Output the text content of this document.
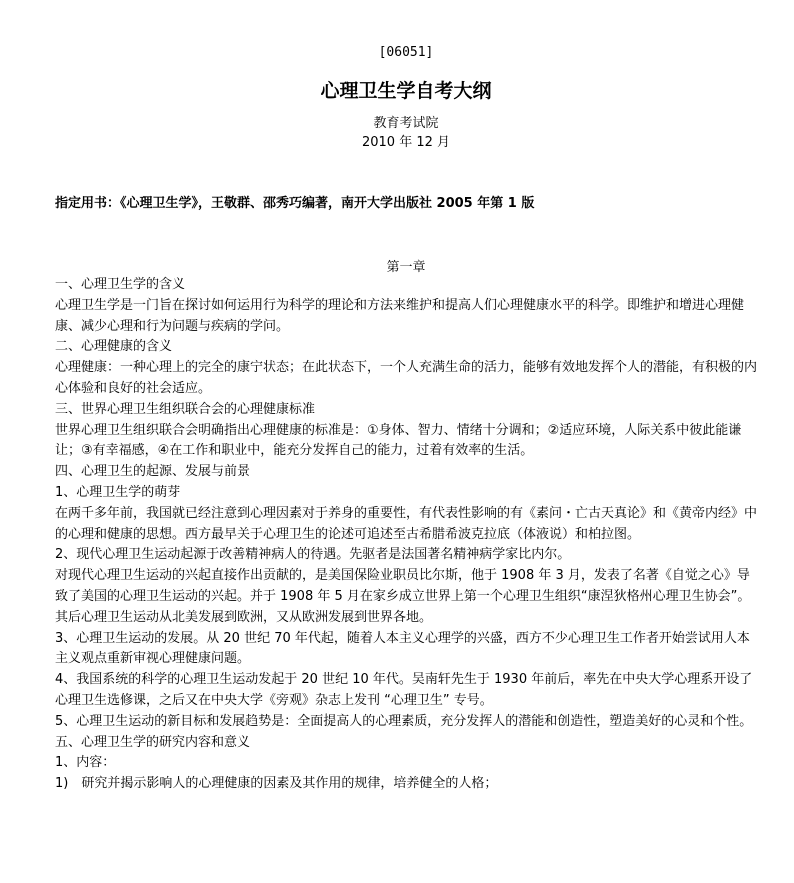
[06051]
心理卫生学自考大纲
教育考试院
2010 年 12 月
指定用书：《心理卫生学》，王敬群、邵秀巧编著，南开大学出版社 2005 年第 1 版
第一章

一、心理卫生学的含义

心理卫生学是一门旨在探讨如何运用行为科学的理论和方法来维护和提高人们心理健康水平的科学。即维护和增进心理健康、减少心理和行为问题与疾病的学问。

二、心理健康的含义

心理健康：一种心理上的完全的康宁状态；在此状态下，一个人充满生命的活力，能够有效地发挥个人的潜能，有积极的内心体验和良好的社会适应。

三、世界心理卫生组织联合会的心理健康标准

世界心理卫生组织联合会明确指出心理健康的标准是：①身体、智力、情绪十分调和；②适应环境，人际关系中彼此能谦让；③有幸福感，④在工作和职业中，能充分发挥自己的能力，过着有效率的生活。

四、心理卫生的起源、发展与前景

1、心理卫生学的萌芽

在两千多年前，我国就已经注意到心理因素对于养身的重要性，有代表性影响的有《素问・亡古天真论》和《黄帝内经》中的心理和健康的思想。西方最早关于心理卫生的论述可追述至古希腊希波克拉底（体液说）和柏拉图。

2、现代心理卫生运动起源于改善精神病人的待遇。先驱者是法国著名精神病学家比内尔。

对现代心理卫生运动的兴起直接作出贡献的，是美国保险业职员比尔斯，他于 1908 年 3 月，发表了名著《自觉之心》导致了美国的心理卫生运动的兴起。并于 1908 年 5 月在家乡成立世界上第一个心理卫生组织“康涅狄格州心理卫生协会”。 其后心理卫生运动从北美发展到欧洲，又从欧洲发展到世界各地。

3、心理卫生运动的发展。从 20 世纪 70 年代起，随着人本主义心理学的兴盛，西方不少心理卫生工作者开始尝试用人本主义观点重新审视心理健康问题。

4、我国系统的科学的心理卫生运动发起于 20 世纪 10 年代。吴南轩先生于 1930 年前后，率先在中央大学心理系开设了心理卫生选修课，之后又在中央大学《旁观》杂志上发刊 “心理卫生” 专号。

5、心理卫生运动的新目标和发展趋势是：全面提高人的心理素质，充分发挥人的潜能和创造性，塑造美好的心灵和个性。

五、心理卫生学的研究内容和意义

1、内容：

1)　研究并揭示影响人的心理健康的因素及其作用的规律，培养健全的人格；
